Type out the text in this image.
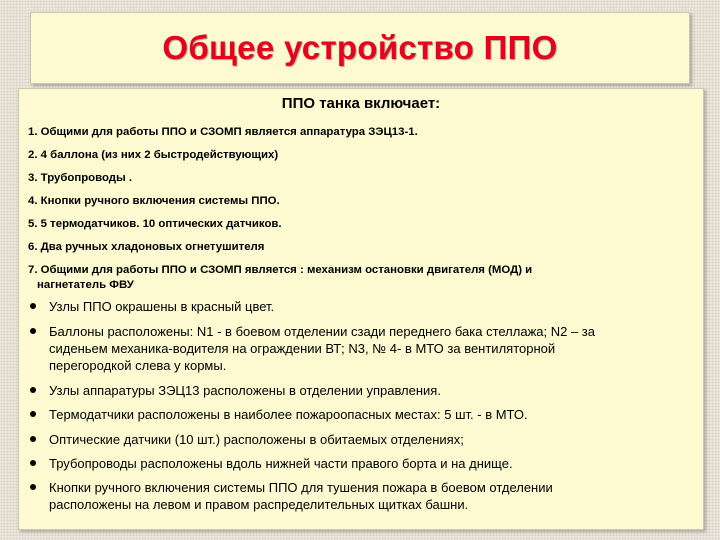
Общее устройство ППО
ППО танка включает:
1. Общими для работы ППО и СЗОМП является аппаратура ЗЭЦ13-1.
2. 4 баллона (из них 2 быстродействующих)
3. Трубопроводы .
4. Кнопки ручного включения системы ППО.
5. 5 термодатчиков. 10 оптических датчиков.
6. Два ручных хладоновых огнетушителя
7. Общими для работы ППО и СЗОМП является : механизм остановки двигателя (МОД) и
нагнетатель ФВУ
Узлы ППО окрашены в красный цвет.
Баллоны расположены: N1 - в боевом отделении сзади переднего бака стеллажа; N2 – за
сиденьем механика-водителя на ограждении ВТ; N3, № 4- в МТО за вентиляторной
перегородкой слева у кормы.
Узлы аппаратуры ЗЭЦ13 расположены в отделении управления.
Термодатчики расположены в наиболее пожароопасных местах: 5 шт. - в МТО.
Оптические датчики (10 шт.) расположены в обитаемых отделениях;
Трубопроводы расположены вдоль нижней части правого борта и на днище.
Кнопки ручного включения системы ППО для тушения пожара в боевом отделении
расположены на левом и правом распределительных щитках башни.
